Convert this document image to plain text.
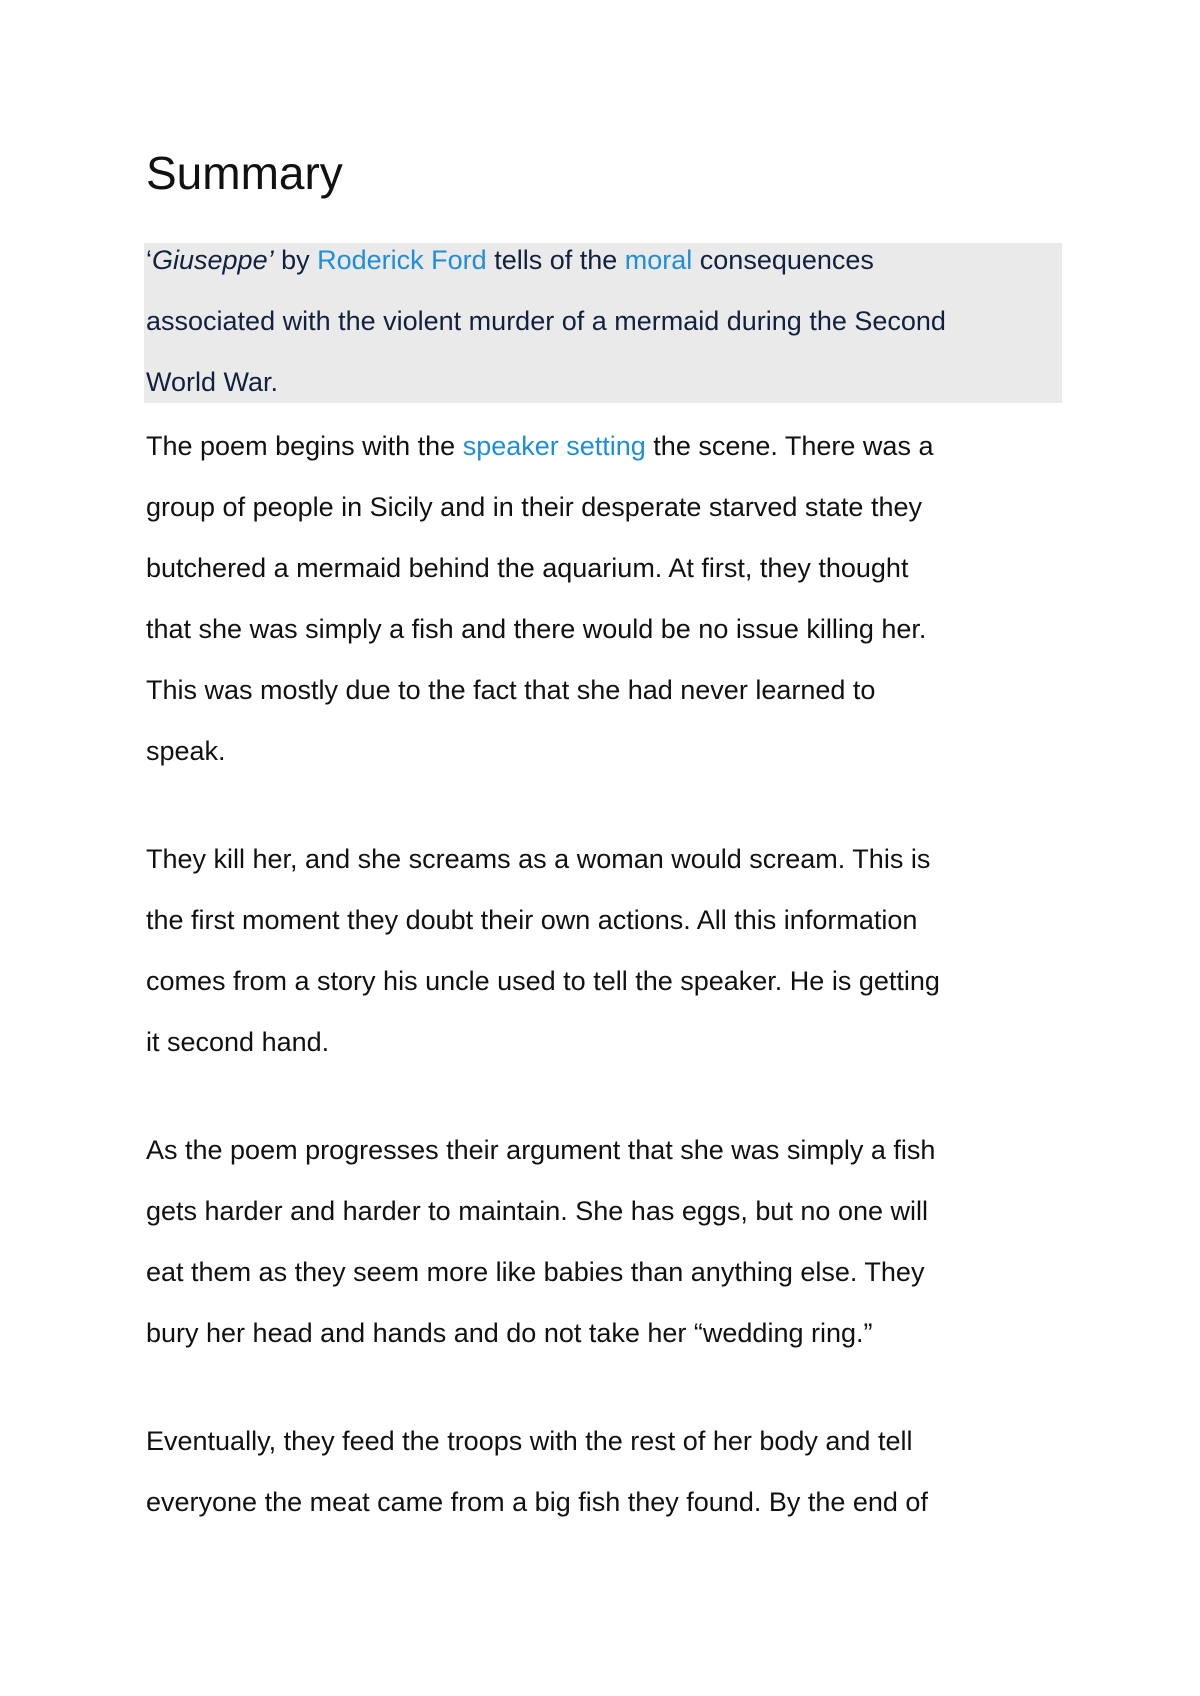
Summary
‘Giuseppe’ by Roderick Ford tells of the moral consequences
associated with the violent murder of a mermaid during the Second
World War.
The poem begins with the speaker setting the scene. There was a
group of people in Sicily and in their desperate starved state they
butchered a mermaid behind the aquarium. At first, they thought
that she was simply a fish and there would be no issue killing her.
This was mostly due to the fact that she had never learned to
speak.
They kill her, and she screams as a woman would scream. This is
the first moment they doubt their own actions. All this information
comes from a story his uncle used to tell the speaker. He is getting
it second hand.
As the poem progresses their argument that she was simply a fish
gets harder and harder to maintain. She has eggs, but no one will
eat them as they seem more like babies than anything else. They
bury her head and hands and do not take her “wedding ring.”
Eventually, they feed the troops with the rest of her body and tell
everyone the meat came from a big fish they found. By the end of
